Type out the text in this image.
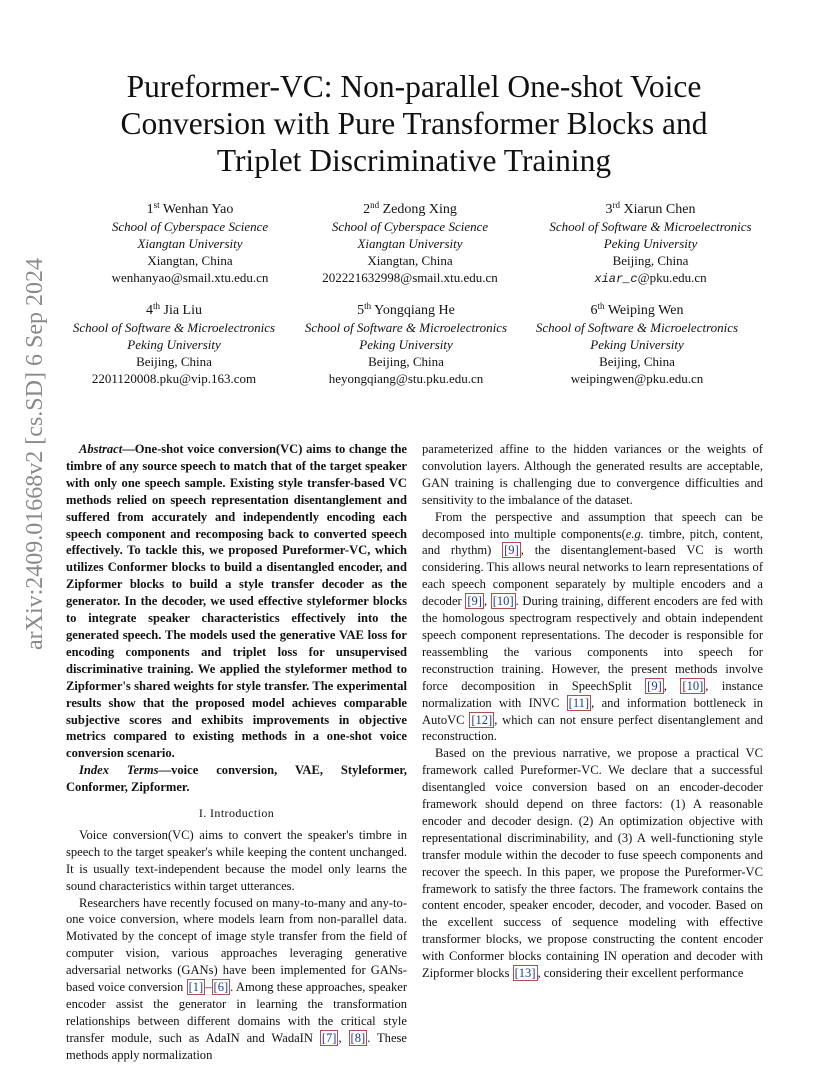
arXiv:2409.01668v2 [cs.SD] 6 Sep 2024
Pureformer-VC: Non-parallel One-shot Voice
Conversion with Pure Transformer Blocks and
Triplet Discriminative Training
1st Wenhan Yao
School of Cyberspace Science
Xiangtan University
Xiangtan, China
wenhanyao@smail.xtu.edu.cn
2nd Zedong Xing
School of Cyberspace Science
Xiangtan University
Xiangtan, China
202221632998@smail.xtu.edu.cn
3rd Xiarun Chen
School of Software & Microelectronics
Peking University
Beijing, China
xiar_c@pku.edu.cn
4th Jia Liu
School of Software & Microelectronics
Peking University
Beijing, China
2201120008.pku@vip.163.com
5th Yongqiang He
School of Software & Microelectronics
Peking University
Beijing, China
heyongqiang@stu.pku.edu.cn
6th Weiping Wen
School of Software & Microelectronics
Peking University
Beijing, China
weipingwen@pku.edu.cn

Abstract—One-shot voice conversion(VC) aims to change the timbre of any source speech to match that of the target speaker with only one speech sample. Existing style transfer-based VC methods relied on speech representation disentanglement and suffered from accurately and independently encoding each speech component and recomposing back to converted speech effectively. To tackle this, we proposed Pureformer-VC, which utilizes Conformer blocks to build a disentangled encoder, and Zipformer blocks to build a style transfer decoder as the generator. In the decoder, we used effective styleformer blocks to integrate speaker characteristics effectively into the generated speech. The models used the generative VAE loss for encoding components and triplet loss for unsupervised discriminative training. We applied the styleformer method to Zipformer's shared weights for style transfer. The experimental results show that the proposed model achieves comparable subjective scores and exhibits improvements in objective metrics compared to existing methods in a one-shot voice conversion scenario.

Index Terms—voice conversion, VAE, Styleformer, Conformer, Zipformer.

I. Introduction

Voice conversion(VC) aims to convert the speaker's timbre in speech to the target speaker's while keeping the content unchanged. It is usually text-independent because the model only learns the sound characteristics within target utterances.

Researchers have recently focused on many-to-many and any-to-one voice conversion, where models learn from non-parallel data. Motivated by the concept of image style transfer from the field of computer vision, various approaches leveraging generative adversarial networks (GANs) have been implemented for GANs-based voice conversion [1] – [6] . Among these approaches, speaker encoder assist the generator in learning the transformation relationships between different domains with the critical style transfer module, such as AdaIN and WadaIN [7] , [8] . These methods apply normalization

parameterized affine to the hidden variances or the weights of convolution layers. Although the generated results are acceptable, GAN training is challenging due to convergence difficulties and sensitivity to the imbalance of the dataset.

From the perspective and assumption that speech can be decomposed into multiple components(e.g. timbre, pitch, content, and rhythm) [9] , the disentanglement-based VC is worth considering. This allows neural networks to learn representations of each speech component separately by multiple encoders and a decoder [9] , [10] . During training, different encoders are fed with the homologous spectrogram respectively and obtain independent speech component representations. The decoder is responsible for reassembling the various components into speech for reconstruction training. However, the present methods involve force decomposition in SpeechSplit [9] , [10] , instance normalization with INVC [11] , and information bottleneck in AutoVC [12] , which can not ensure perfect disentanglement and reconstruction.

Based on the previous narrative, we propose a practical VC framework called Pureformer-VC. We declare that a successful disentangled voice conversion based on an encoder-decoder framework should depend on three factors: (1) A reasonable encoder and decoder design. (2) An optimization objective with representational discriminability, and (3) A well-functioning style transfer module within the decoder to fuse speech components and recover the speech. In this paper, we propose the Pureformer-VC framework to satisfy the three factors. The framework contains the content encoder, speaker encoder, decoder, and vocoder. Based on the excellent success of sequence modeling with effective transformer blocks, we propose constructing the content encoder with Conformer blocks containing IN operation and decoder with Zipformer blocks [13] , considering their excellent performance
